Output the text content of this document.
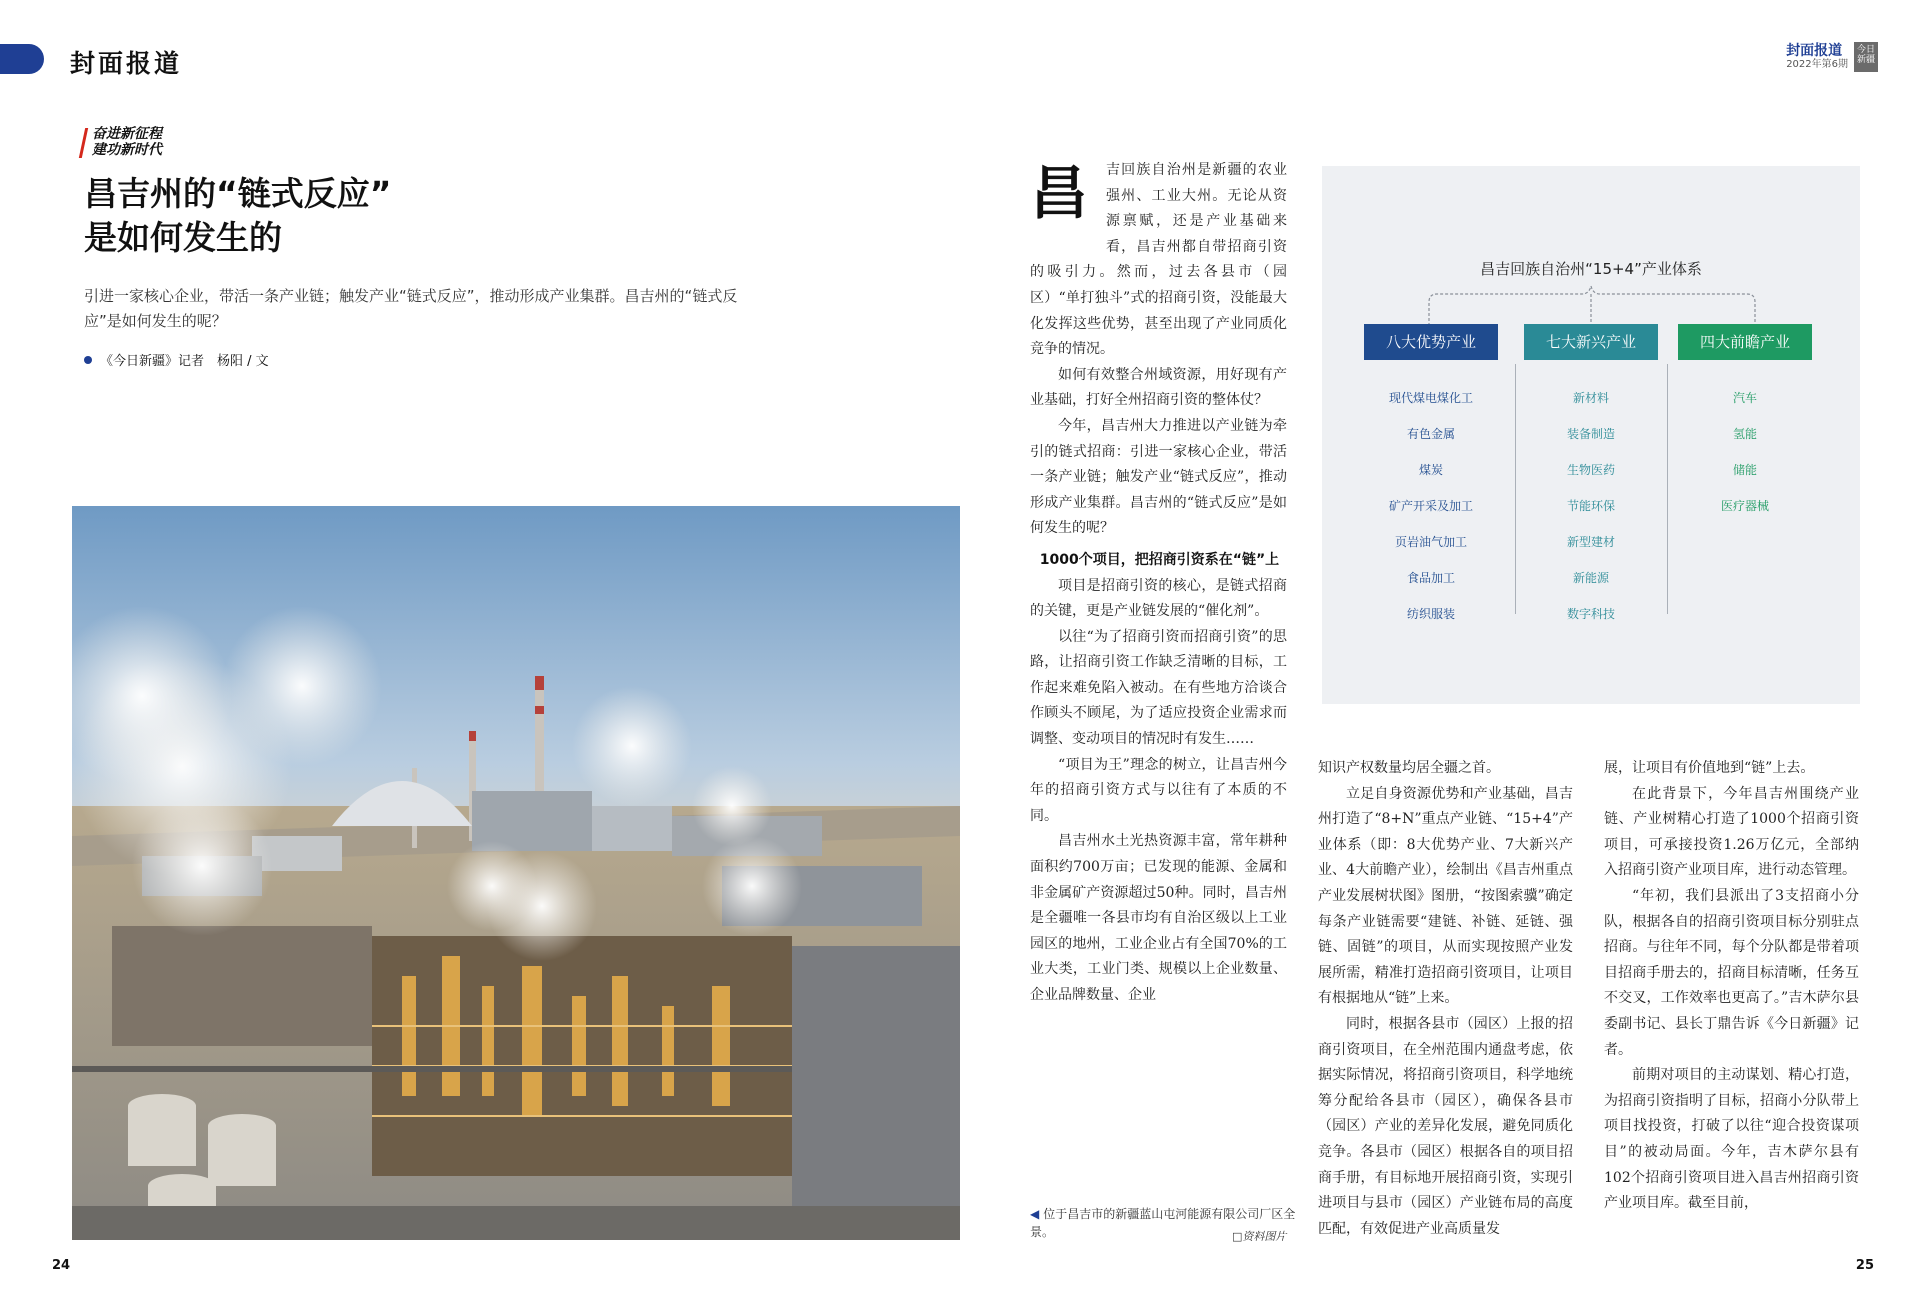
封面报道	封面报道
2022年第6期
今日新疆
奋进新征程
建功新时代
昌吉州的“链式反应”
是如何发生的
引进一家核心企业，带活一条产业链；触发产业“链式反应”，推动形成产业集群。昌吉州的“链式反应”是如何发生的呢？
《今日新疆》记者　杨阳 / 文
◀ 位于昌吉市的新疆蓝山屯河能源有限公司厂区全景。	□资料图片
24	25
昌	吉回族自治州是新疆的农业强州、工业大州。无论从资源禀赋，还是产业基础来看，昌吉州都自带招商引资的吸引力。然而，过去各县市（园区）“单打独斗”式的招商引资，没能最大化发挥这些优势，甚至出现了产业同质化竞争的情况。

如何有效整合州域资源，用好现有产业基础，打好全州招商引资的整体仗？

今年，昌吉州大力推进以产业链为牵引的链式招商：引进一家核心企业，带活一条产业链；触发产业“链式反应”，推动形成产业集群。昌吉州的“链式反应”是如何发生的呢？

1000个项目，把招商引资系在“链”上

项目是招商引资的核心，是链式招商的关键，更是产业链发展的“催化剂”。

以往“为了招商引资而招商引资”的思路，让招商引资工作缺乏清晰的目标，工作起来难免陷入被动。在有些地方洽谈合作顾头不顾尾，为了适应投资企业需求而调整、变动项目的情况时有发生……

“项目为王”理念的树立，让昌吉州今年的招商引资方式与以往有了本质的不同。

昌吉州水土光热资源丰富，常年耕种面积约700万亩；已发现的能源、金属和非金属矿产资源超过50种。同时，昌吉州是全疆唯一各县市均有自治区级以上工业园区的地州，工业企业占有全国70%的工业大类，工业门类、规模以上企业数量、企业品牌数量、企业

知识产权数量均居全疆之首。

立足自身资源优势和产业基础，昌吉州打造了“8+N”重点产业链、“15+4”产业体系（即：8大优势产业、7大新兴产业、4大前瞻产业），绘制出《昌吉州重点产业发展树状图》图册，“按图索骥”确定每条产业链需要“建链、补链、延链、强链、固链”的项目，从而实现按照产业发展所需，精准打造招商引资项目，让项目有根据地从“链”上来。

同时，根据各县市（园区）上报的招商引资项目，在全州范围内通盘考虑，依据实际情况，将招商引资项目，科学地统筹分配给各县市（园区），确保各县市（园区）产业的差异化发展，避免同质化竞争。各县市（园区）根据各自的项目招商手册，有目标地开展招商引资，实现引进项目与县市（园区）产业链布局的高度匹配，有效促进产业高质量发

展，让项目有价值地到“链”上去。

在此背景下，今年昌吉州围绕产业链、产业树精心打造了1000个招商引资项目，可承接投资1.26万亿元，全部纳入招商引资产业项目库，进行动态管理。

“年初，我们县派出了3支招商小分队，根据各自的招商引资项目标分别驻点招商。与往年不同，每个分队都是带着项目招商手册去的，招商目标清晰，任务互不交叉，工作效率也更高了。”吉木萨尔县委副书记、县长丁鼎告诉《今日新疆》记者。

前期对项目的主动谋划、精心打造，为招商引资指明了目标，招商小分队带上项目找投资，打破了以往“迎合投资谋项目”的被动局面。今年，吉木萨尔县有102个招商引资项目进入昌吉州招商引资产业项目库。截至目前，

昌吉回族自治州“15+4”产业体系
八大优势产业
现代煤电煤化工
有色金属
煤炭
矿产开采及加工
页岩油气加工
食品加工
纺织服装
七大新兴产业
新材料
装备制造
生物医药
节能环保
新型建材
新能源
数字科技
四大前瞻产业
汽车
氢能
储能
医疗器械
